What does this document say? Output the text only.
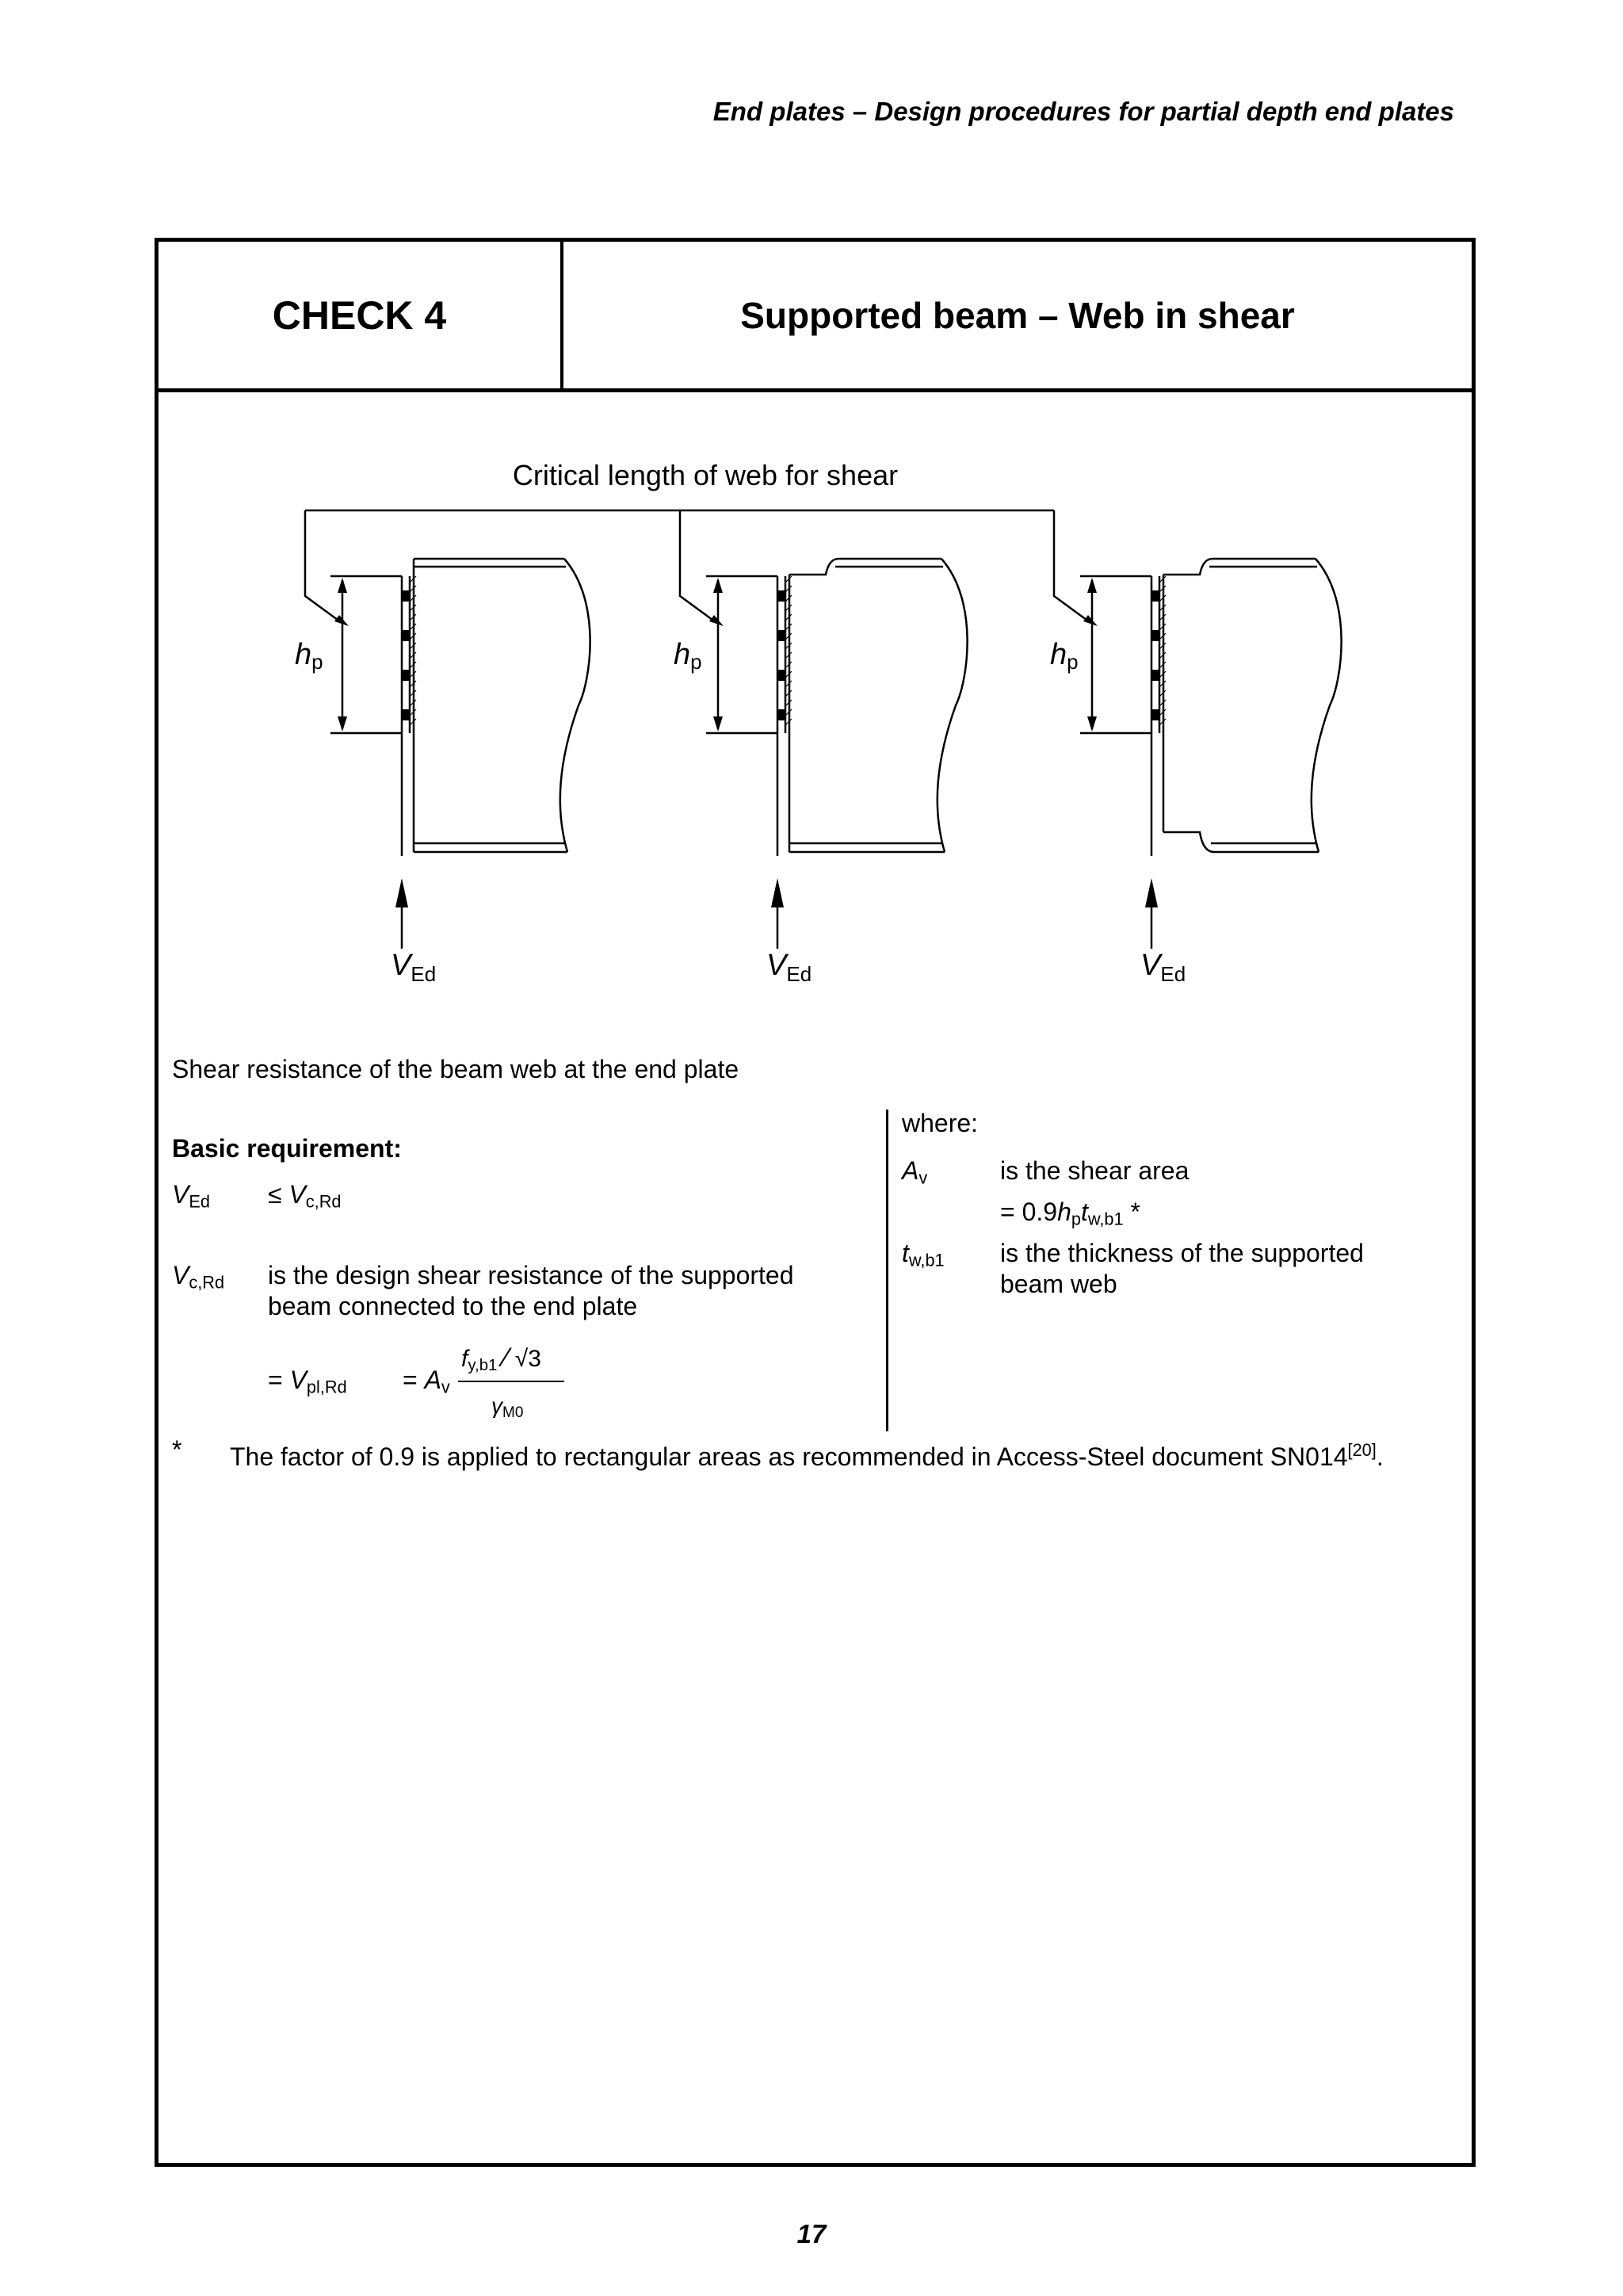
End plates – Design procedures for partial depth end plates
CHECK 4	Supported beam – Web in shear
Critical length of web for shear
hp	hp	hp
$V_{Ed}$	$V_{Ed}$	$V_{Ed}$
Shear resistance of the beam web at the end plate
Basic requirement:
$V_{Ed} \le V_{c,Rd}$
$V_{c,Rd}$ is the design shear resistance of the supported
beam connected to the end plate
= $V_{pl,Rd} = A_v$
$f_{y,b1}$ ⁄ √3
$\gamma_{M0}$
where:
$A_v$	is the shear area
= $0.9h_pt_{w,b1}$ *
$t_{w,b1}$ is the thickness of the supported
beam web
* The factor of 0.9 is applied to rectangular areas as recommended in Access-Steel document SN014[20].
17
